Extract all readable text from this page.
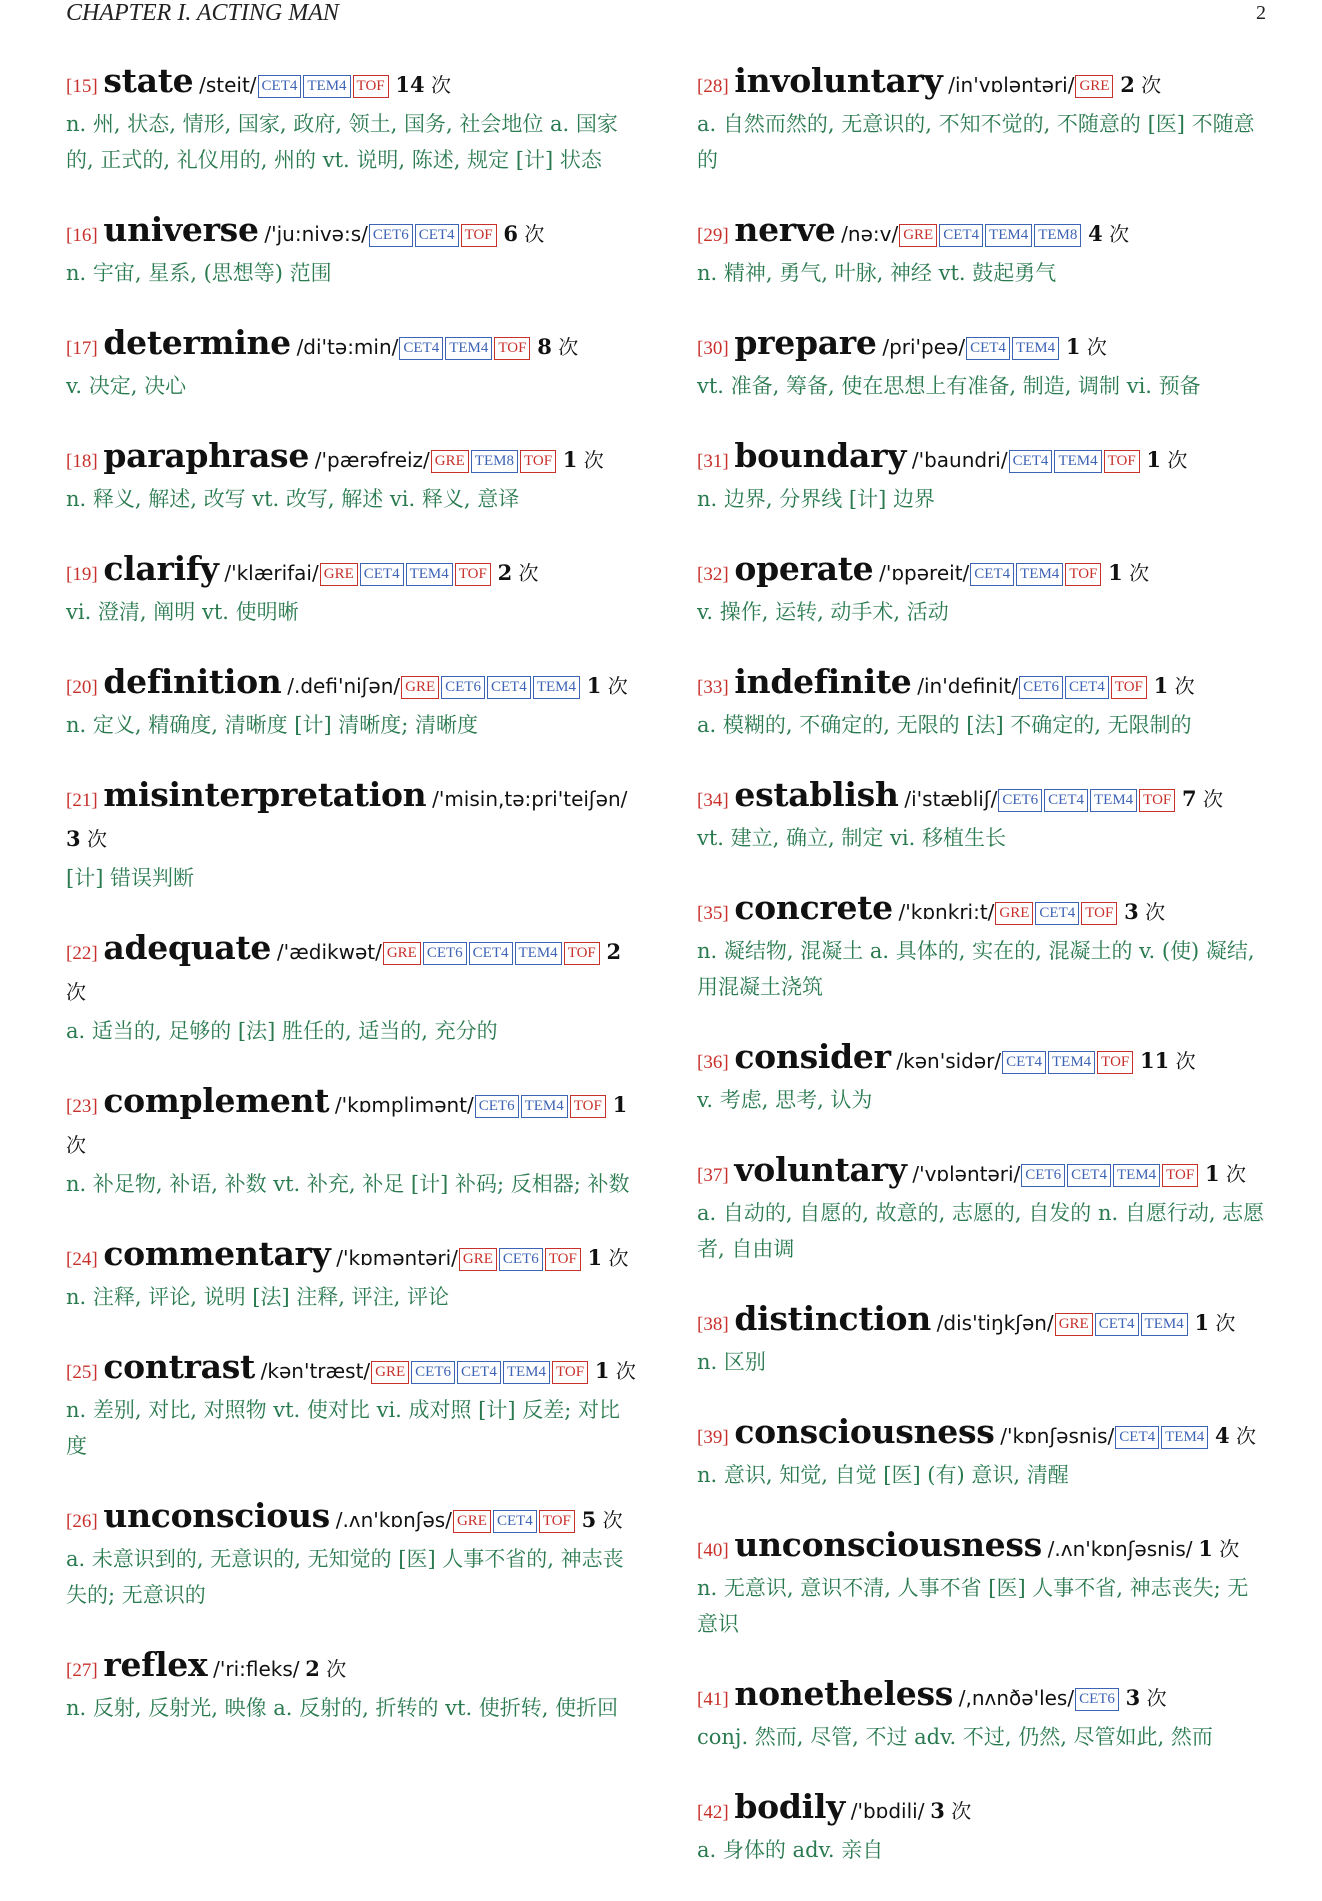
CHAPTER I. ACTING MAN	2
[15] state /steit/ CET4 TEM4 TOF 14 次
n. 州, 状态, 情形, 国家, 政府, 领土, 国务, 社会地位 a. 国家的, 正式的, 礼仪用的, 州的 vt. 说明, 陈述, 规定 [计] 状态
[16] universe /'ju:nivə:s/ CET6 CET4 TOF 6 次
n. 宇宙, 星系, (思想等) 范围
[17] determine /di'tə:min/ CET4 TEM4 TOF 8 次
v. 决定, 决心
[18] paraphrase /'pærəfreiz/ GRE TEM8 TOF 1 次
n. 释义, 解述, 改写 vt. 改写, 解述 vi. 释义, 意译
[19] clarify /'klærifai/ GRE CET4 TEM4 TOF 2 次
vi. 澄清, 阐明 vt. 使明晰
[20] definition /.defi'niʃən/ GRE CET6 CET4 TEM4 1 次
n. 定义, 精确度, 清晰度 [计] 清晰度; 清晰度
[21] misinterpretation /'misin,tə:pri'teiʃən/ 3 次
[计] 错误判断
[22] adequate /'ædikwət/ GRE CET6 CET4 TEM4 TOF 2 次
a. 适当的, 足够的 [法] 胜任的, 适当的, 充分的
[23] complement /'kɒmplimənt/ CET6 TEM4 TOF 1 次
n. 补足物, 补语, 补数 vt. 补充, 补足 [计] 补码; 反相器; 补数
[24] commentary /'kɒməntəri/ GRE CET6 TOF 1 次
n. 注释, 评论, 说明 [法] 注释, 评注, 评论
[25] contrast /kən'træst/ GRE CET6 CET4 TEM4 TOF 1 次
n. 差别, 对比, 对照物 vt. 使对比 vi. 成对照 [计] 反差; 对比度
[26] unconscious /.ʌn'kɒnʃəs/ GRE CET4 TOF 5 次
a. 未意识到的, 无意识的, 无知觉的 [医] 人事不省的, 神志丧失的; 无意识的
[27] reflex /'ri:fleks/ 2 次
n. 反射, 反射光, 映像 a. 反射的, 折转的 vt. 使折转, 使折回
[28] involuntary /in'vɒləntəri/ GRE 2 次
a. 自然而然的, 无意识的, 不知不觉的, 不随意的 [医] 不随意的
[29] nerve /nə:v/ GRE CET4 TEM4 TEM8 4 次
n. 精神, 勇气, 叶脉, 神经 vt. 鼓起勇气
[30] prepare /pri'peə/ CET4 TEM4 1 次
vt. 准备, 筹备, 使在思想上有准备, 制造, 调制 vi. 预备
[31] boundary /'baundri/ CET4 TEM4 TOF 1 次
n. 边界, 分界线 [计] 边界
[32] operate /'ɒpəreit/ CET4 TEM4 TOF 1 次
v. 操作, 运转, 动手术, 活动
[33] indefinite /in'definit/ CET6 CET4 TOF 1 次
a. 模糊的, 不确定的, 无限的 [法] 不确定的, 无限制的
[34] establish /i'stæbliʃ/ CET6 CET4 TEM4 TOF 7 次
vt. 建立, 确立, 制定 vi. 移植生长
[35] concrete /'kɒnkri:t/ GRE CET4 TOF 3 次
n. 凝结物, 混凝土 a. 具体的, 实在的, 混凝土的 v. (使) 凝结, 用混凝土浇筑
[36] consider /kən'sidər/ CET4 TEM4 TOF 11 次
v. 考虑, 思考, 认为
[37] voluntary /'vɒləntəri/ CET6 CET4 TEM4 TOF 1 次
a. 自动的, 自愿的, 故意的, 志愿的, 自发的 n. 自愿行动, 志愿者, 自由调
[38] distinction /dis'tiŋkʃən/ GRE CET4 TEM4 1 次
n. 区别
[39] consciousness /'kɒnʃəsnis/ CET4 TEM4 4 次
n. 意识, 知觉, 自觉 [医] (有) 意识, 清醒
[40] unconsciousness /.ʌn'kɒnʃəsnis/ 1 次
n. 无意识, 意识不清, 人事不省 [医] 人事不省, 神志丧失; 无意识
[41] nonetheless /,nʌnðə'les/ CET6 3 次
conj. 然而, 尽管, 不过 adv. 不过, 仍然, 尽管如此, 然而
[42] bodily /'bɒdili/ 3 次
a. 身体的 adv. 亲自
